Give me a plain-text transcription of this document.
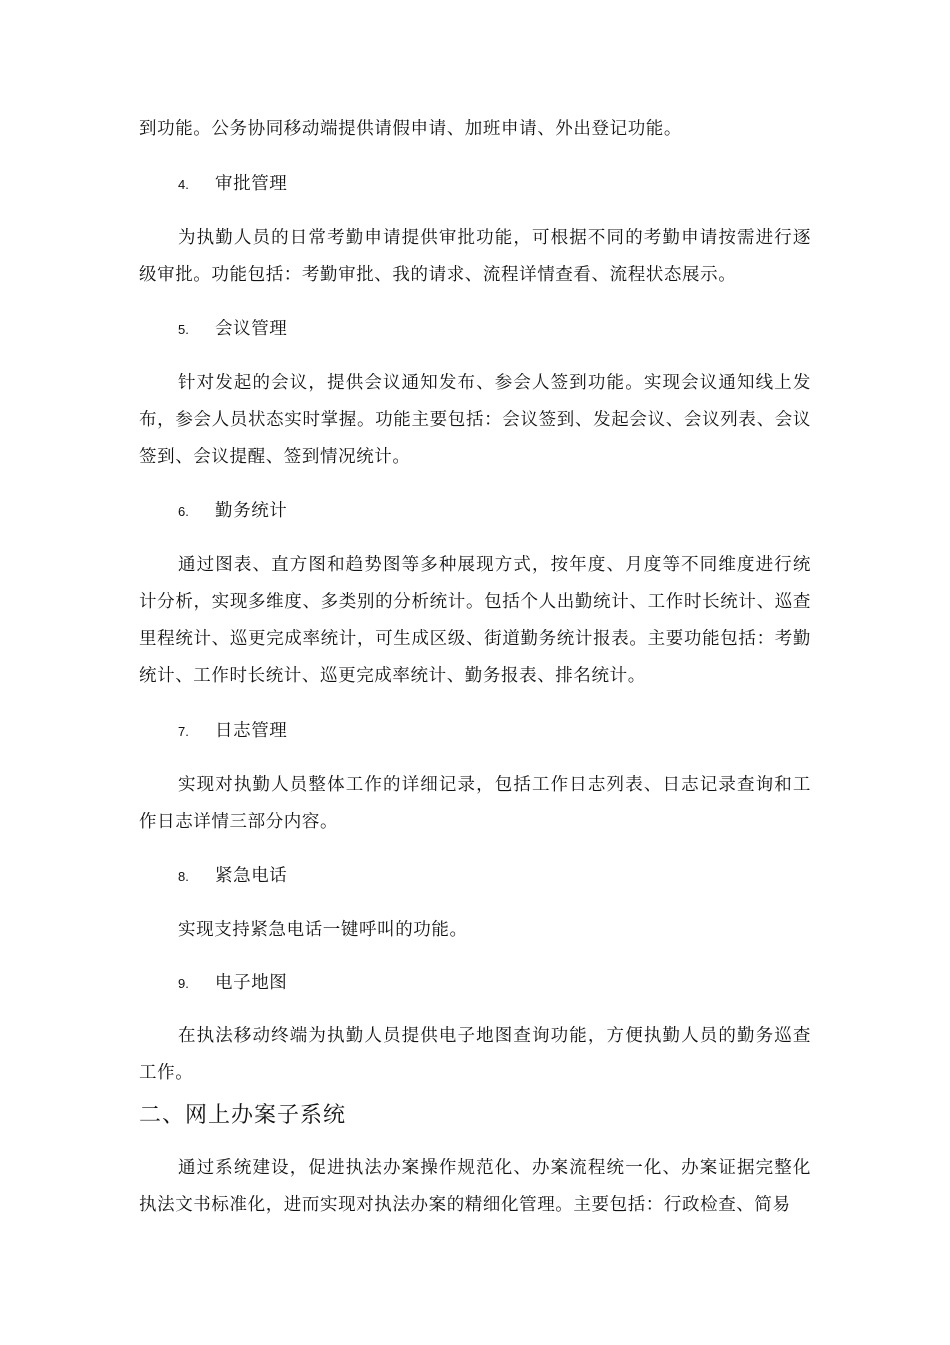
到功能。公务协同移动端提供请假申请、加班申请、外出登记功能。

4.	审批管理

为执勤人员的日常考勤申请提供审批功能，可根据不同的考勤申请按需进行逐级审批。功能包括：考勤审批、我的请求、流程详情查看、流程状态展示。

5.	会议管理

针对发起的会议，提供会议通知发布、参会人签到功能。实现会议通知线上发布，参会人员状态实时掌握。功能主要包括：会议签到、发起会议、会议列表、会议签到、会议提醒、签到情况统计。

6.	勤务统计

通过图表、直方图和趋势图等多种展现方式，按年度、月度等不同维度进行统计分析，实现多维度、多类别的分析统计。包括个人出勤统计、工作时长统计、巡查里程统计、巡更完成率统计，可生成区级、街道勤务统计报表。主要功能包括：考勤统计、工作时长统计、巡更完成率统计、勤务报表、排名统计。

7.	日志管理

实现对执勤人员整体工作的详细记录，包括工作日志列表、日志记录查询和工作日志详情三部分内容。

8.	紧急电话

实现支持紧急电话一键呼叫的功能。

9.	电子地图

在执法移动终端为执勤人员提供电子地图查询功能，方便执勤人员的勤务巡查工作。

二、网上办案子系统

通过系统建设，促进执法办案操作规范化、办案流程统一化、办案证据完整化执法文书标准化，进而实现对执法办案的精细化管理。主要包括：行政检查、简易
